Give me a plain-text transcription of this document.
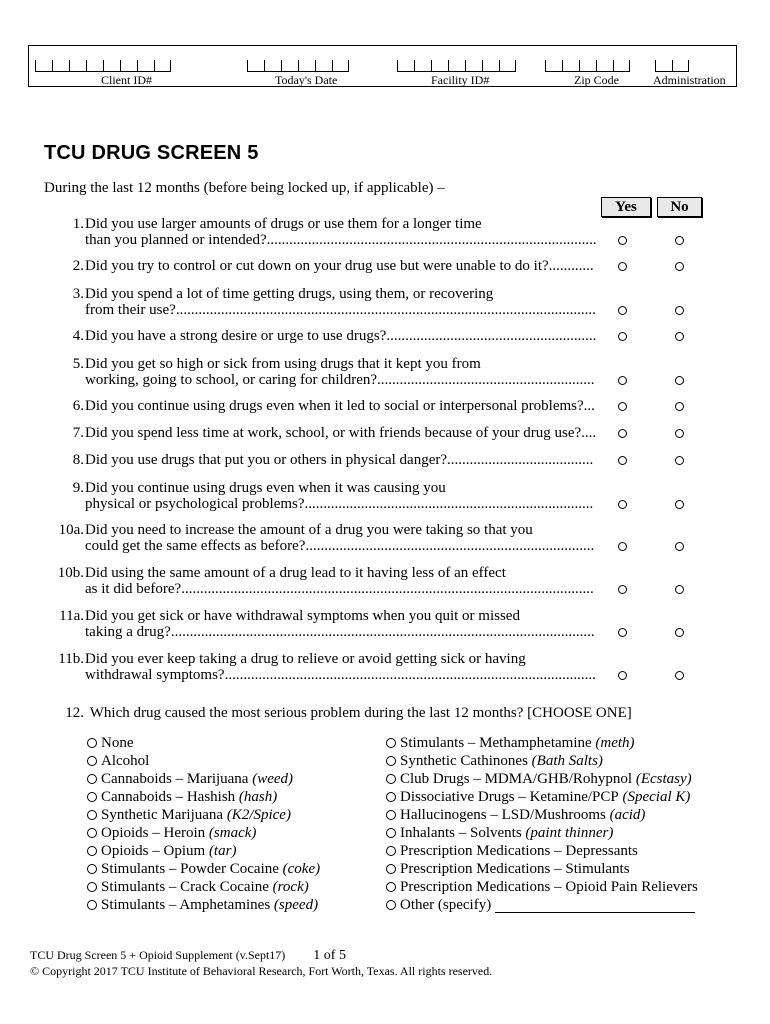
Client ID#	Today's Date	Facility ID#	Zip Code	Administration
TCU DRUG SCREEN 5
During the last 12 months (before being locked up, if applicable) –
Yes	No
1. Did you use larger amounts of drugs or use them for a longer time
than you planned or intended?........................................................................................
2. Did you try to control or cut down on your drug use but were unable to do it?............
3. Did you spend a lot of time getting drugs, using them, or recovering
from their use?................................................................................................................
4. Did you have a strong desire or urge to use drugs?........................................................
5. Did you get so high or sick from using drugs that it kept you from
working, going to school, or caring for children?..........................................................
6. Did you continue using drugs even when it led to social or interpersonal problems?...
7. Did you spend less time at work, school, or with friends because of your drug use?....
8. Did you use drugs that put you or others in physical danger?.......................................
9. Did you continue using drugs even when it was causing you
physical or psychological problems?.............................................................................
10a. Did you need to increase the amount of a drug you were taking so that you
could get the same effects as before?.............................................................................
10b. Did using the same amount of a drug lead to it having less of an effect
as it did before?..............................................................................................................
11a. Did you get sick or have withdrawal symptoms when you quit or missed
taking a drug?.................................................................................................................
11b. Did you ever keep taking a drug to relieve or avoid getting sick or having
withdrawal symptoms?...................................................................................................
12. Which drug caused the most serious problem during the last 12 months? [CHOOSE ONE]
None
Alcohol
Cannaboids – Marijuana
(weed)
Cannaboids – Hashish
(hash)
Synthetic Marijuana
(K2/Spice)
Opioids – Heroin
(smack)
Opioids – Opium
(tar)
Stimulants – Powder Cocaine
(coke)
Stimulants – Crack Cocaine
(rock)
Stimulants – Amphetamines
(speed)
Stimulants – Methamphetamine
(meth)
Synthetic Cathinones
(Bath Salts)
Club Drugs – MDMA/GHB/Rohypnol
(Ecstasy)
Dissociative Drugs – Ketamine/PCP
(Special K)
Hallucinogens – LSD/Mushrooms
(acid)
Inhalants – Solvents
(paint thinner)
Prescription Medications – Depressants
Prescription Medications – Stimulants
Prescription Medications – Opioid Pain Relievers
Other (specify)
TCU Drug Screen 5 + Opioid Supplement (v.Sept17) 1 of 5
© Copyright 2017 TCU Institute of Behavioral Research, Fort Worth, Texas. All rights reserved.
